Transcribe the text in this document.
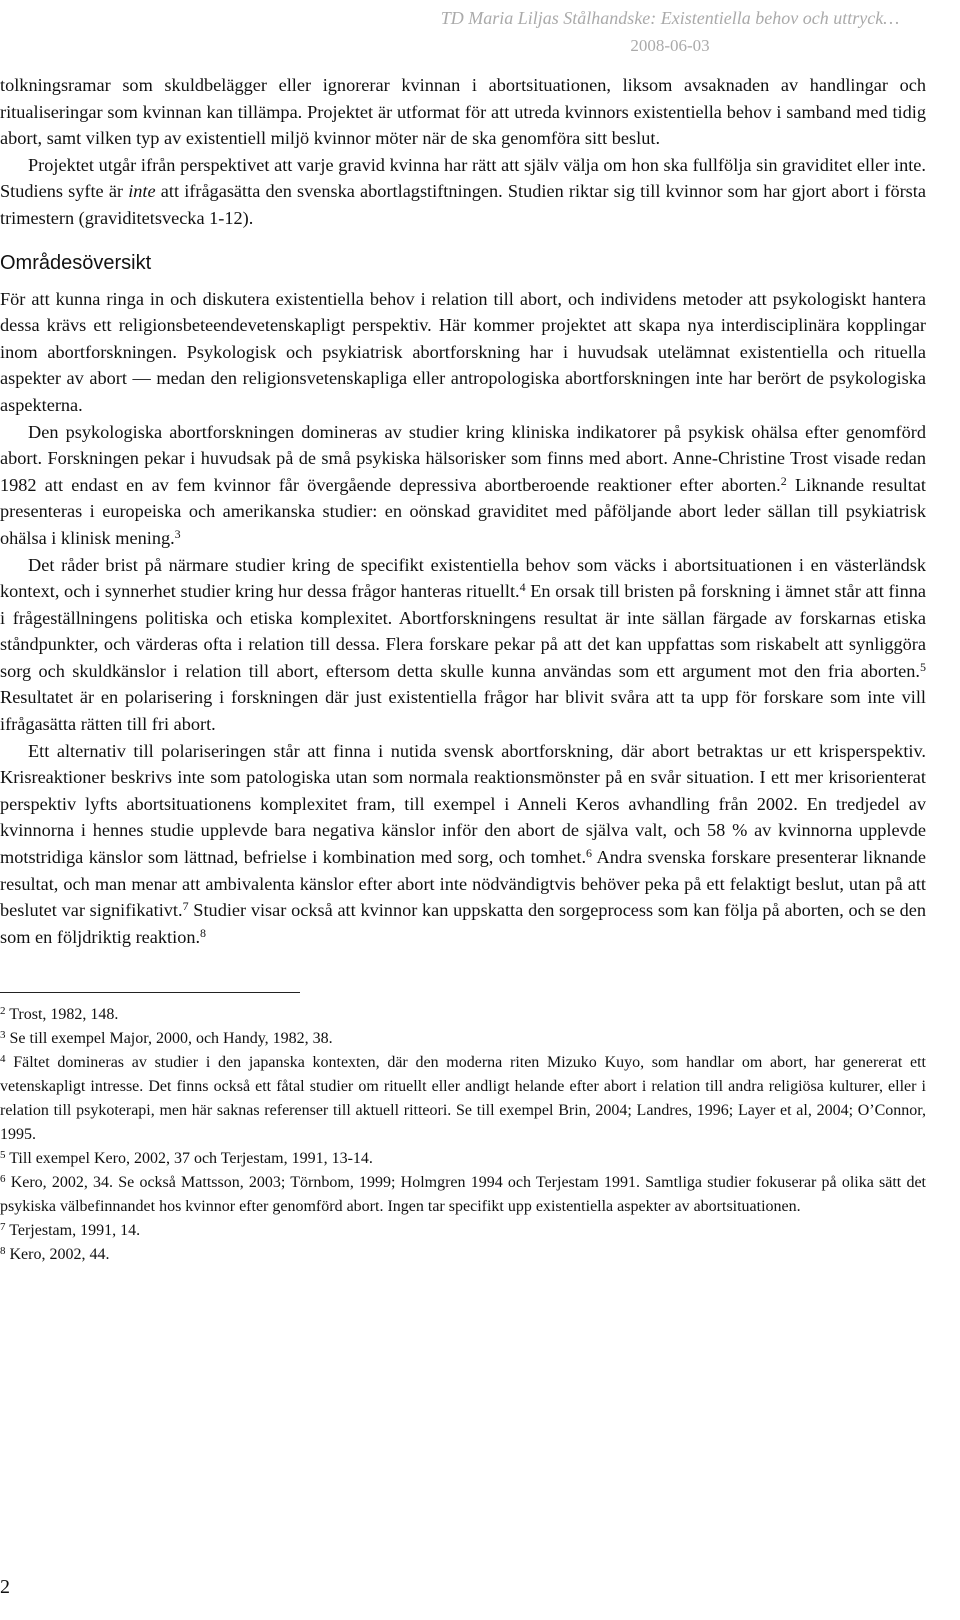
TD Maria Liljas Stålhandske: Existentiella behov och uttryck…
2008-06-03

tolkningsramar som skuldbelägger eller ignorerar kvinnan i abortsituationen, liksom avsaknaden av handlingar och ritualiseringar som kvinnan kan tillämpa. Projektet är utformat för att utreda kvinnors existentiella behov i samband med tidig abort, samt vilken typ av existentiell miljö kvinnor möter när de ska genomföra sitt beslut.

Projektet utgår ifrån perspektivet att varje gravid kvinna har rätt att själv välja om hon ska fullfölja sin graviditet eller inte. Studiens syfte är inte att ifrågasätta den svenska abortlagstiftningen. Studien riktar sig till kvinnor som har gjort abort i första trimestern (graviditetsvecka 1-12).

Områdesöversikt

För att kunna ringa in och diskutera existentiella behov i relation till abort, och individens metoder att psykologiskt hantera dessa krävs ett religionsbeteendevetenskapligt perspektiv. Här kommer projektet att skapa nya interdisciplinära kopplingar inom abortforskningen. Psykologisk och psykiatrisk abortforskning har i huvudsak utelämnat existentiella och rituella aspekter av abort — medan den religionsvetenskapliga eller antropologiska abortforskningen inte har berört de psykologiska aspekterna.

Den psykologiska abortforskningen domineras av studier kring kliniska indikatorer på psykisk ohälsa efter genomförd abort. Forskningen pekar i huvudsak på de små psykiska hälsorisker som finns med abort. Anne-Christine Trost visade redan 1982 att endast en av fem kvinnor får övergående depressiva abortberoende reaktioner efter aborten.$^2$ Liknande resultat presenteras i europeiska och amerikanska studier: en oönskad graviditet med påföljande abort leder sällan till psykiatrisk ohälsa i klinisk mening.$^3$

Det råder brist på närmare studier kring de specifikt existentiella behov som väcks i abortsituationen i en västerländsk kontext, och i synnerhet studier kring hur dessa frågor hanteras rituellt.$^4$ En orsak till bristen på forskning i ämnet står att finna i frågeställningens politiska och etiska komplexitet. Abortforskningens resultat är inte sällan färgade av forskarnas etiska ståndpunkter, och värderas ofta i relation till dessa. Flera forskare pekar på att det kan uppfattas som riskabelt att synliggöra sorg och skuldkänslor i relation till abort, eftersom detta skulle kunna användas som ett argument mot den fria aborten.$^5$ Resultatet är en polarisering i forskningen där just existentiella frågor har blivit svåra att ta upp för forskare som inte vill ifrågasätta rätten till fri abort.

Ett alternativ till polariseringen står att finna i nutida svensk abortforskning, där abort betraktas ur ett krisperspektiv. Krisreaktioner beskrivs inte som patologiska utan som normala reaktionsmönster på en svår situation. I ett mer krisorienterat perspektiv lyfts abortsituationens komplexitet fram, till exempel i Anneli Keros avhandling från 2002. En tredjedel av kvinnorna i hennes studie upplevde bara negativa känslor inför den abort de själva valt, och 58 % av kvinnorna upplevde motstridiga känslor som lättnad, befrielse i kombination med sorg, och tomhet.$^6$ Andra svenska forskare presenterar liknande resultat, och man menar att ambivalenta känslor efter abort inte nödvändigtvis behöver peka på ett felaktigt beslut, utan på att beslutet var signifikativt.$^7$ Studier visar också att kvinnor kan uppskatta den sorgeprocess som kan följa på aborten, och se den som en följdriktig reaktion.$^8$

$^2$ Trost, 1982, 148.

$^3$ Se till exempel Major, 2000, och Handy, 1982, 38.

$^4$ Fältet domineras av studier i den japanska kontexten, där den moderna riten Mizuko Kuyo, som handlar om abort, har genererat ett vetenskapligt intresse. Det finns också ett fåtal studier om rituellt eller andligt helande efter abort i relation till andra religiösa kulturer, eller i relation till psykoterapi, men här saknas referenser till aktuell ritteori. Se till exempel Brin, 2004; Landres, 1996; Layer et al, 2004; O’Connor, 1995.

$^5$ Till exempel Kero, 2002, 37 och Terjestam, 1991, 13-14.

$^6$ Kero, 2002, 34. Se också Mattsson, 2003; Törnbom, 1999; Holmgren 1994 och Terjestam 1991. Samtliga studier fokuserar på olika sätt det psykiska välbefinnandet hos kvinnor efter genomförd abort. Ingen tar specifikt upp existentiella aspekter av abortsituationen.

$^7$ Terjestam, 1991, 14.

$^8$ Kero, 2002, 44.

2
